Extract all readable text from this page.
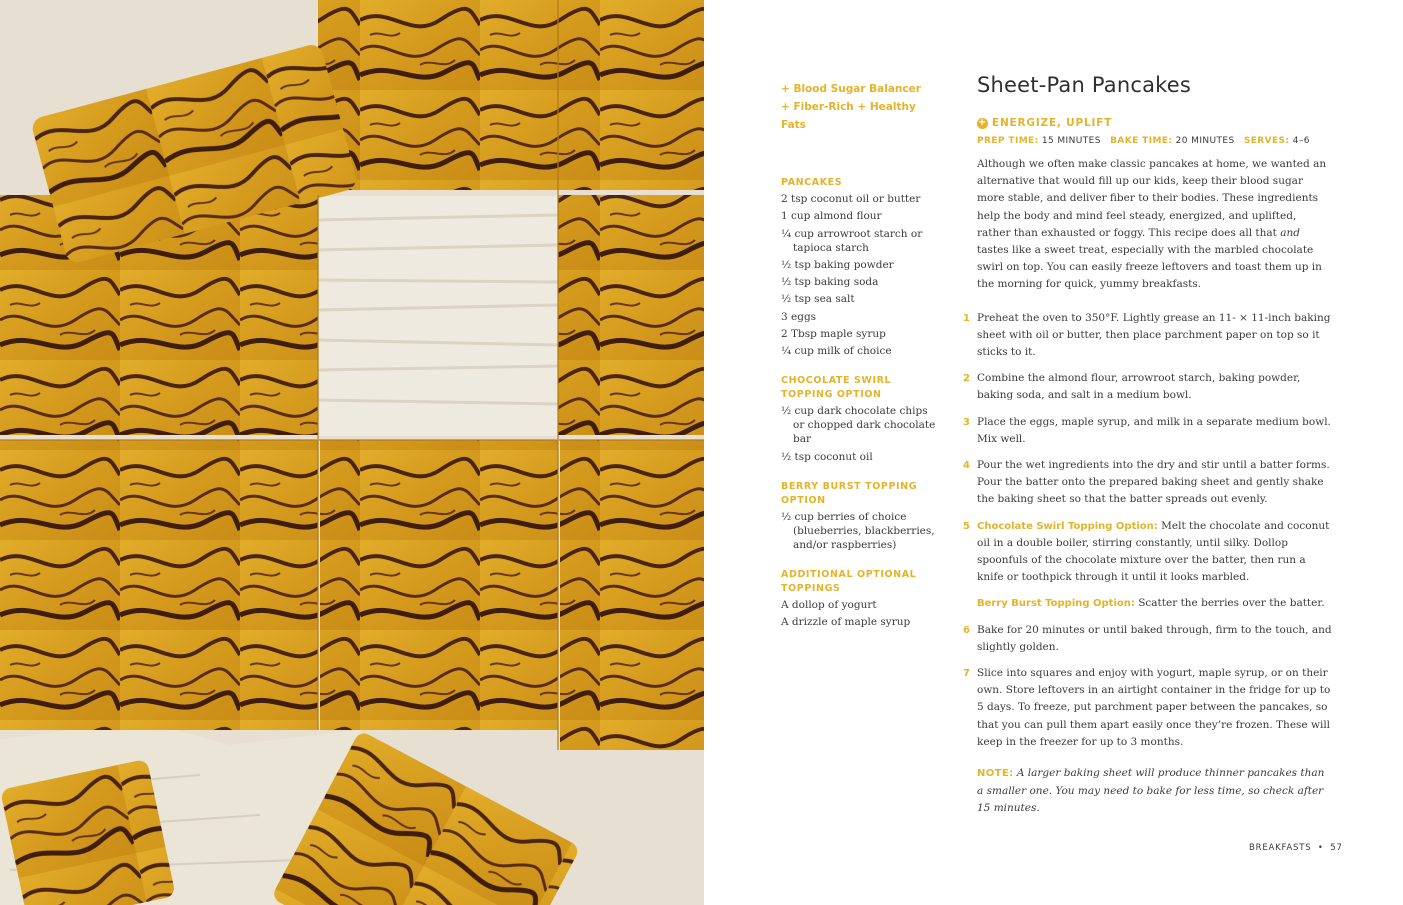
+ Blood Sugar Balancer
+ Fiber-Rich + Healthy Fats
PANCAKES
2 tsp coconut oil or butter
1 cup almond flour
¼ cup arrowroot starch or tapioca starch
½ tsp baking powder
½ tsp baking soda
½ tsp sea salt
3 eggs
2 Tbsp maple syrup
¼ cup milk of choice
CHOCOLATE SWIRL TOPPING OPTION
½ cup dark chocolate chips or chopped dark chocolate bar
½ tsp coconut oil
BERRY BURST TOPPING OPTION
½ cup berries of choice (blueberries, blackberries, and/or raspberries)
ADDITIONAL OPTIONAL TOPPINGS
A dollop of yogurt
A drizzle of maple syrup
Sheet-Pan Pancakes
+ ENERGIZE, UPLIFT
PREP TIME: 15 MINUTES BAKE TIME: 20 MINUTES SERVES: 4–6

Although we often make classic pancakes at home, we wanted an alternative that would fill up our kids, keep their blood sugar more stable, and deliver fiber to their bodies. These ingredients help the body and mind feel steady, energized, and uplifted, rather than exhausted or foggy. This recipe does all that and tastes like a sweet treat, especially with the marbled chocolate swirl on top. You can easily freeze leftovers and toast them up in the morning for quick, yummy breakfasts.

1 Preheat the oven to 350°F. Lightly grease an 11- × 11-inch baking sheet with oil or butter, then place parchment paper on top so it sticks to it.
2 Combine the almond flour, arrowroot starch, baking powder, baking soda, and salt in a medium bowl.
3 Place the eggs, maple syrup, and milk in a separate medium bowl. Mix well.
4 Pour the wet ingredients into the dry and stir until a batter forms. Pour the batter onto the prepared baking sheet and gently shake the baking sheet so that the batter spreads out evenly.
5 Chocolate Swirl Topping Option: Melt the chocolate and coconut oil in a double boiler, stirring constantly, until silky. Dollop spoonfuls of the chocolate mixture over the batter, then run a knife or toothpick through it until it looks marbled.
Berry Burst Topping Option: Scatter the berries over the batter.
6 Bake for 20 minutes or until baked through, firm to the touch, and slightly golden.
7 Slice into squares and enjoy with yogurt, maple syrup, or on their own. Store leftovers in an airtight container in the fridge for up to 5 days. To freeze, put parchment paper between the pancakes, so that you can pull them apart easily once they’re frozen. These will keep in the freezer for up to 3 months.

NOTE: A larger baking sheet will produce thinner pancakes than a smaller one. You may need to bake for less time, so check after 15 minutes.

BREAKFASTS • 57
